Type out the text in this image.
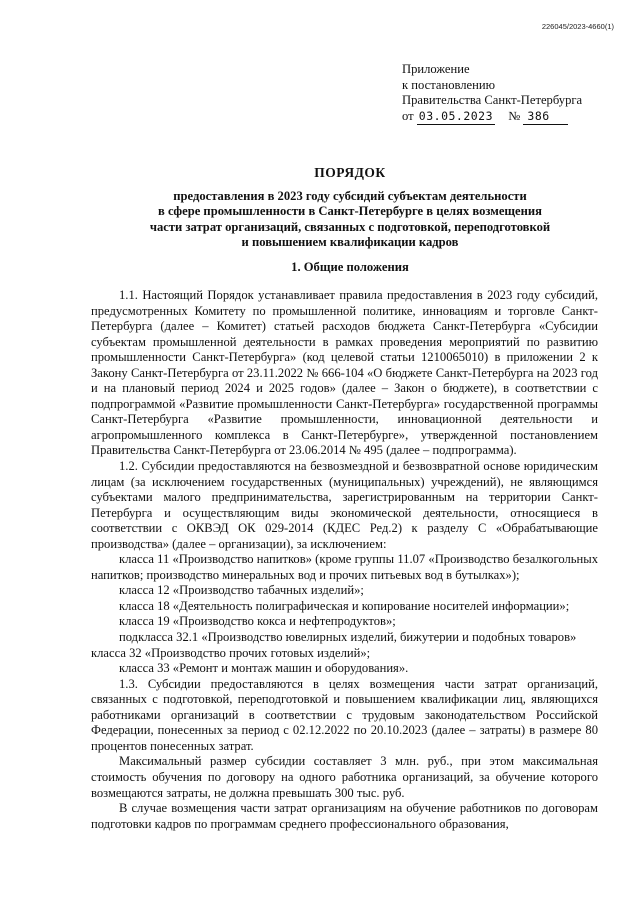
226045/2023-4660(1)
Приложение
к постановлению
Правительства Санкт-Петербурга
от 03.05.2023 № 386
ПОРЯДОК
предоставления в 2023 году субсидий субъектам деятельности
в сфере промышленности в Санкт-Петербурге в целях возмещения
части затрат организаций, связанных с подготовкой, переподготовкой
и повышением квалификации кадров
1. Общие положения

1.1. Настоящий Порядок устанавливает правила предоставления в 2023 году субсидий, предусмотренных Комитету по промышленной политике, инновациям и торговле Санкт-Петербурга (далее – Комитет) статьей расходов бюджета Санкт-Петербурга «Субсидии субъектам промышленной деятельности в рамках проведения мероприятий по развитию промышленности Санкт-Петербурга» (код целевой статьи 1210065010) в приложении 2 к Закону Санкт-Петербурга от 23.11.2022 № 666-104 «О бюджете Санкт-Петербурга на 2023 год и на плановый период 2024 и 2025 годов» (далее – Закон о бюджете), в соответствии с подпрограммой «Развитие промышленности Санкт-Петербурга» государственной программы Санкт-Петербурга «Развитие промышленности, инновационной деятельности и агропромышленного комплекса в Санкт-Петербурге», утвержденной постановлением Правительства Санкт-Петербурга от 23.06.2014 № 495 (далее – подпрограмма).

1.2. Субсидии предоставляются на безвозмездной и безвозвратной основе юридическим лицам (за исключением государственных (муниципальных) учреждений), не являющимся субъектами малого предпринимательства, зарегистрированным на территории Санкт-Петербурга и осуществляющим виды экономической деятельности, относящиеся в соответствии с ОКВЭД ОК 029-2014 (КДЕС Ред.2) к разделу С «Обрабатывающие производства» (далее – организации), за исключением:

класса 11 «Производство напитков» (кроме группы 11.07 «Производство безалкогольных напитков; производство минеральных вод и прочих питьевых вод в бутылках»);

класса 12 «Производство табачных изделий»;

класса 18 «Деятельность полиграфическая и копирование носителей информации»;

класса 19 «Производство кокса и нефтепродуктов»;

подкласса 32.1 «Производство ювелирных изделий, бижутерии и подобных товаров»

класса 32 «Производство прочих готовых изделий»;

класса 33 «Ремонт и монтаж машин и оборудования».

1.3. Субсидии предоставляются в целях возмещения части затрат организаций, связанных с подготовкой, переподготовкой и повышением квалификации лиц, являющихся работниками организаций в соответствии с трудовым законодательством Российской Федерации, понесенных за период с 02.12.2022 по 20.10.2023 (далее – затраты) в размере 80 процентов понесенных затрат.

Максимальный размер субсидии составляет 3 млн. руб., при этом максимальная стоимость обучения по договору на одного работника организаций, за обучение которого возмещаются затраты, не должна превышать 300 тыс. руб.

В случае возмещения части затрат организациям на обучение работников по договорам подготовки кадров по программам среднего профессионального образования,
